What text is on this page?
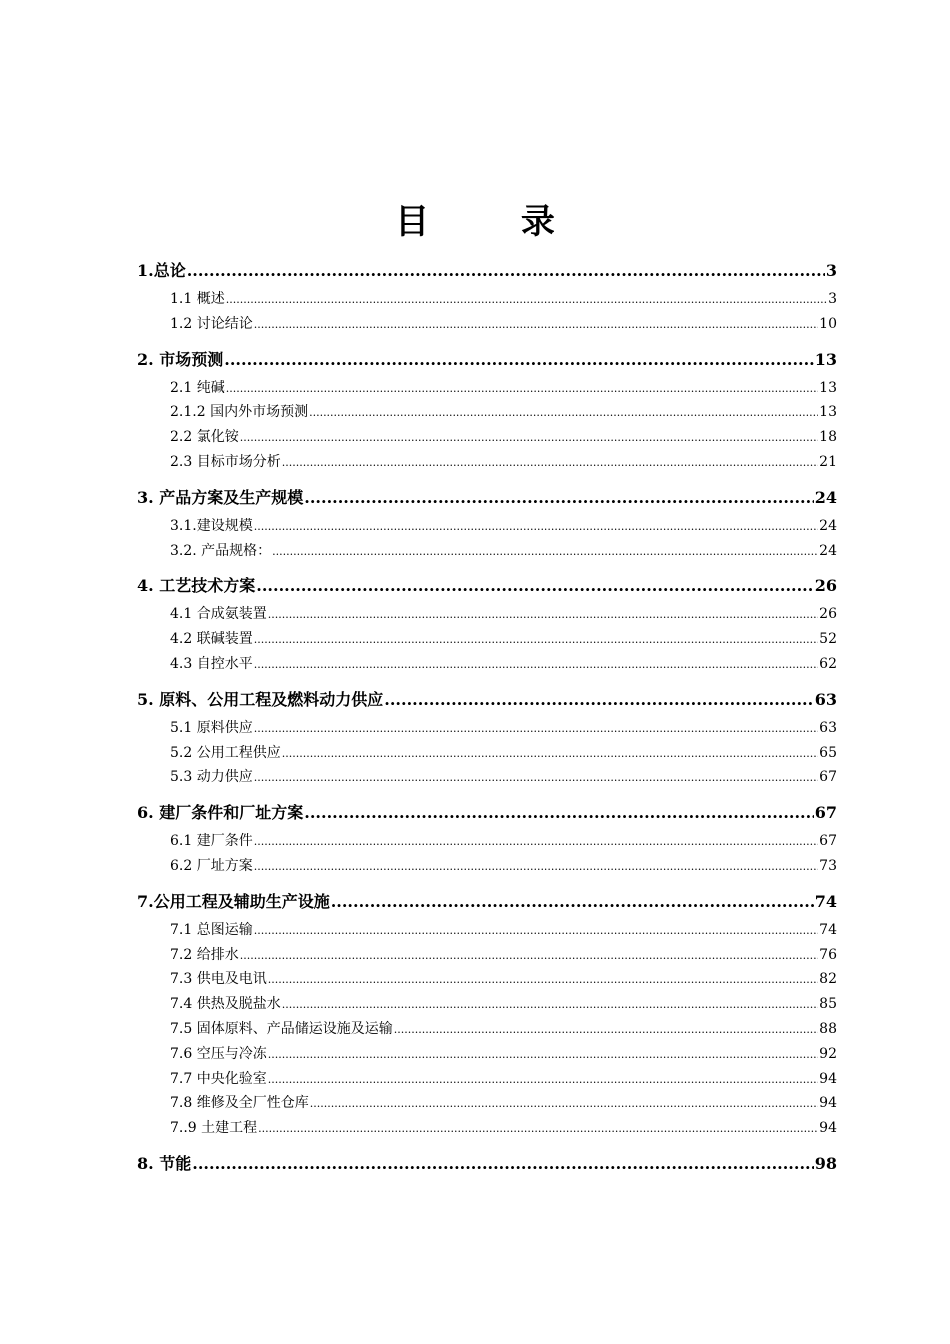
目 录
1.总论 .....	3
1.1 概述 .....	3
1.2 讨论结论 .....	10
2. 市场预测 .....	13
2.1 纯碱 .....	13
2.1.2 国内外市场预测 .....	13
2.2 氯化铵 .....	18
2.3 目标市场分析 .....	21
3. 产品方案及生产规模 .....	24
3.1.建设规模 .....	24
3.2. 产品规格： .....	24
4. 工艺技术方案 .....	26
4.1 合成氨装置 .....	26
4.2 联碱装置 .....	52
4.3 自控水平 .....	62
5. 原料、公用工程及燃料动力供应 .....	63
5.1 原料供应 .....	63
5.2 公用工程供应 .....	65
5.3 动力供应 .....	67
6. 建厂条件和厂址方案 .....	67
6.1 建厂条件 .....	67
6.2 厂址方案 .....	73
7.公用工程及辅助生产设施 .....	74
7.1 总图运输 .....	74
7.2 给排水 .....	76
7.3 供电及电讯 .....	82
7.4 供热及脱盐水 .....	85
7.5 固体原料、产品储运设施及运输 .....	88
7.6 空压与冷冻 .....	92
7.7 中央化验室 .....	94
7.8 维修及全厂性仓库 .....	94
7..9 土建工程 .....	94
8. 节能 .....	98
